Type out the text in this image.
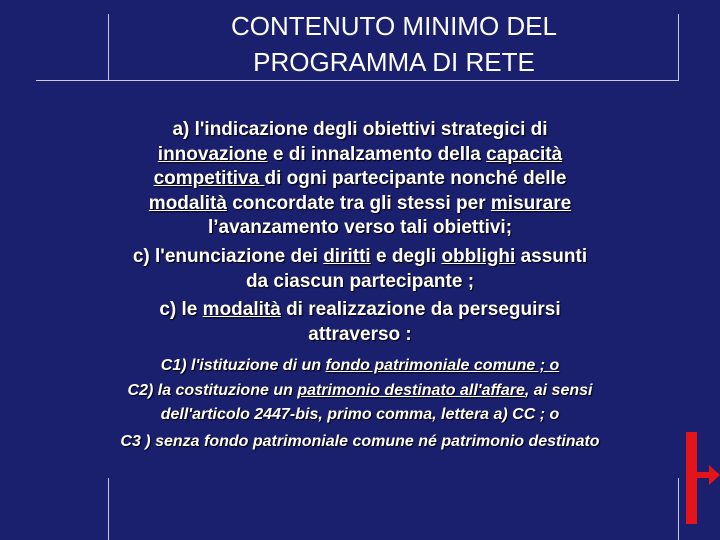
CONTENUTO MINIMO DEL
PROGRAMMA DI RETE
a) l'indicazione degli obiettivi strategici di
innovazione e di innalzamento della capacità
competitiva di ogni partecipante nonché delle
modalità concordate tra gli stessi per misurare
l’avanzamento verso tali obiettivi;
c) l'enunciazione dei diritti e degli obblighi assunti
da ciascun partecipante ;
c) le modalità di realizzazione da perseguirsi
attraverso :
C1) l'istituzione di un fondo patrimoniale comune ; o
C2) la costituzione un patrimonio destinato all'affare, ai sensi
dell'articolo 2447-bis, primo comma, lettera a) CC ; o
C3 ) senza fondo patrimoniale comune né patrimonio destinato
